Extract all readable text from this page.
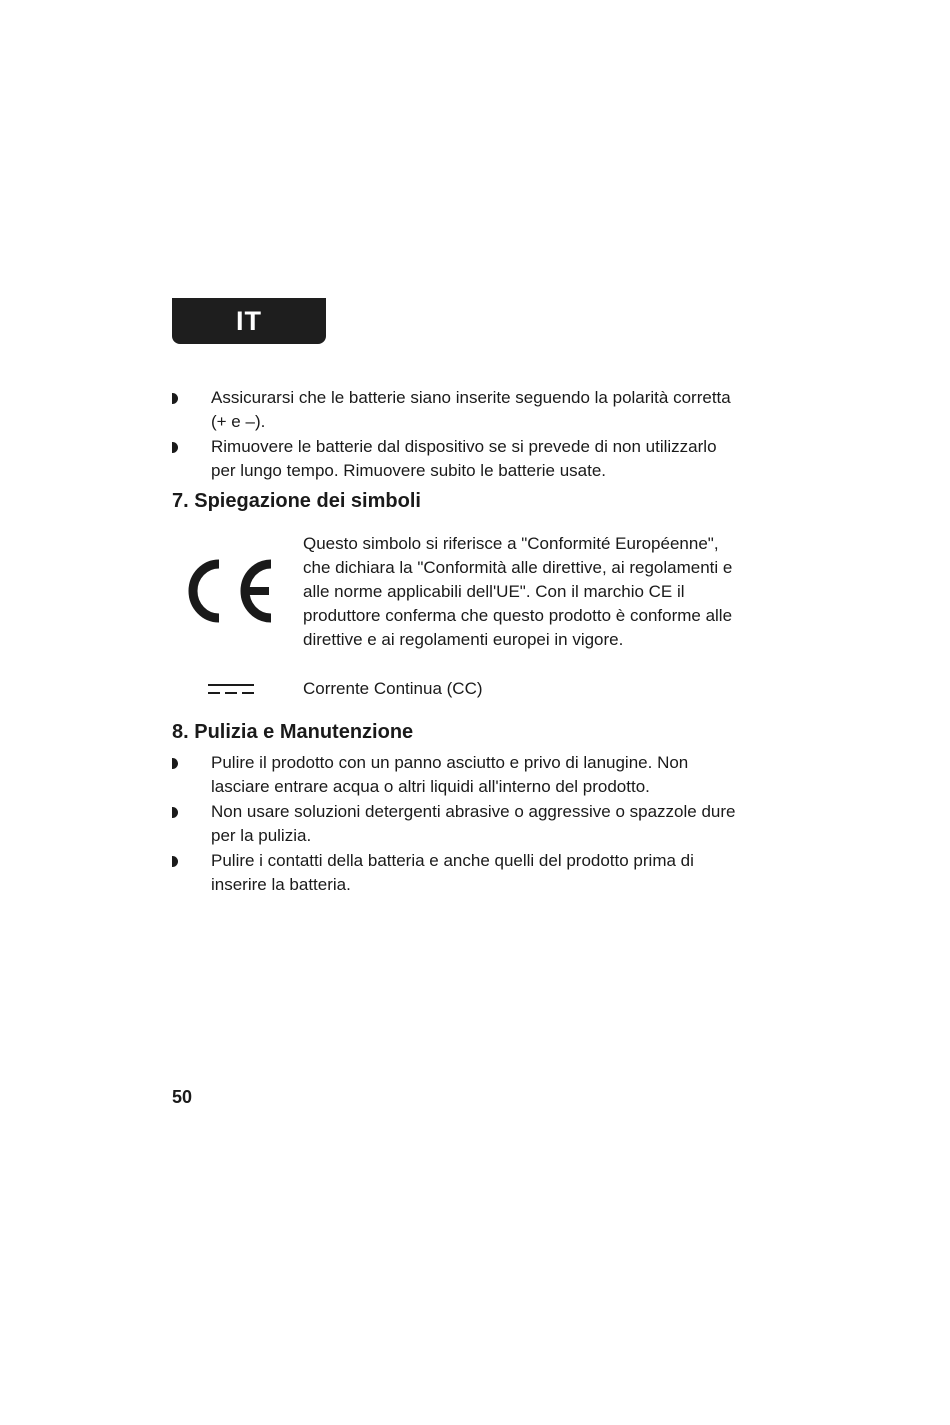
IT
Assicurarsi che le batterie siano inserite seguendo la polarità corretta (+ e –).
Rimuovere le batterie dal dispositivo se si prevede di non utilizzarlo per lungo tempo. Rimuovere subito le batterie usate.
7. Spiegazione dei simboli
Questo simbolo si riferisce a "Conformité Européenne", che dichiara la "Conformità alle direttive, ai regolamenti e alle norme applicabili dell'UE". Con il marchio CE il produttore conferma che questo prodotto è conforme alle direttive e ai regolamenti europei in vigore.
Corrente Continua (CC)
8. Pulizia e Manutenzione
Pulire il prodotto con un panno asciutto e privo di lanugine. Non lasciare entrare acqua o altri liquidi all'interno del prodotto.
Non usare soluzioni detergenti abrasive o aggressive o spazzole dure per la pulizia.
Pulire i contatti della batteria e anche quelli del prodotto prima di inserire la batteria.
50
